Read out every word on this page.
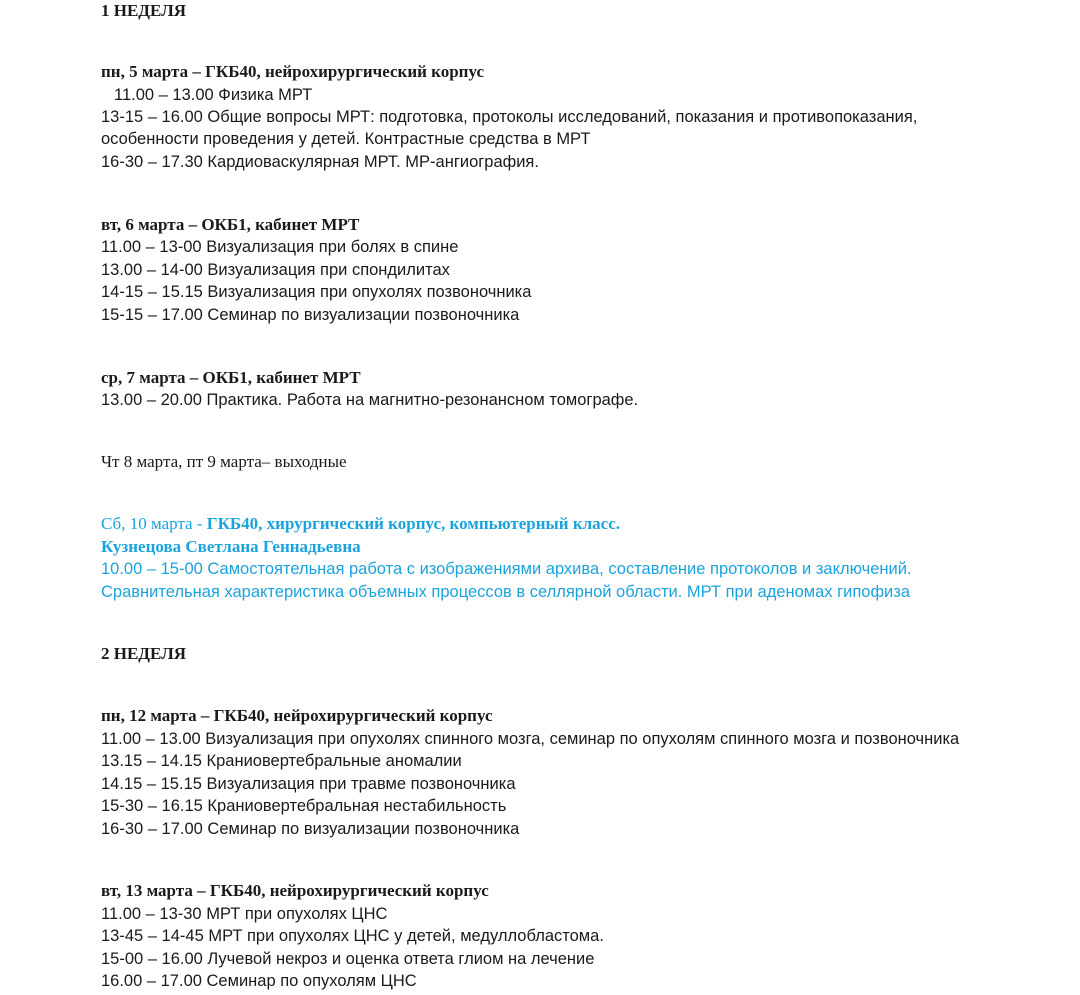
1 НЕДЕЛЯ
пн, 5 марта – ГКБ40, нейрохирургический корпус
11.00 – 13.00 Физика МРТ
13-15 – 16.00 Общие вопросы МРТ: подготовка, протоколы исследований, показания и противопоказания,
особенности проведения у детей. Контрастные средства в МРТ
16-30 – 17.30 Кардиоваскулярная МРТ. МР-ангиография.
вт, 6 марта – ОКБ1, кабинет МРТ
11.00 – 13-00 Визуализация при болях в спине
13.00 – 14-00 Визуализация при спондилитах
14-15 – 15.15 Визуализация при опухолях позвоночника
15-15 – 17.00 Семинар по визуализации позвоночника
ср, 7 марта – ОКБ1, кабинет МРТ
13.00 – 20.00 Практика. Работа на магнитно-резонансном томографе.
Чт 8 марта, пт 9 марта– выходные
Сб, 10 марта - ГКБ40, хирургический корпус, компьютерный класс.
Кузнецова Светлана Геннадьевна
10.00 – 15-00 Самостоятельная работа с изображениями архива, составление протоколов и заключений.
Сравнительная характеристика объемных процессов в селлярной области. МРТ при аденомах гипофиза
2 НЕДЕЛЯ
пн, 12 марта – ГКБ40, нейрохирургический корпус
11.00 – 13.00 Визуализация при опухолях спинного мозга, семинар по опухолям спинного мозга и позвоночника
13.15 – 14.15 Краниовертебральные аномалии
14.15 – 15.15 Визуализация при травме позвоночника
15-30 – 16.15 Краниовертебральная нестабильность
16-30 – 17.00 Семинар по визуализации позвоночника
вт, 13 марта – ГКБ40, нейрохирургический корпус
11.00 – 13-30 МРТ при опухолях ЦНС
13-45 – 14-45 МРТ при опухолях ЦНС у детей, медуллобластома.
15-00 – 16.00 Лучевой некроз и оценка ответа глиом на лечение
16.00 – 17.00 Семинар по опухолям ЦНС
